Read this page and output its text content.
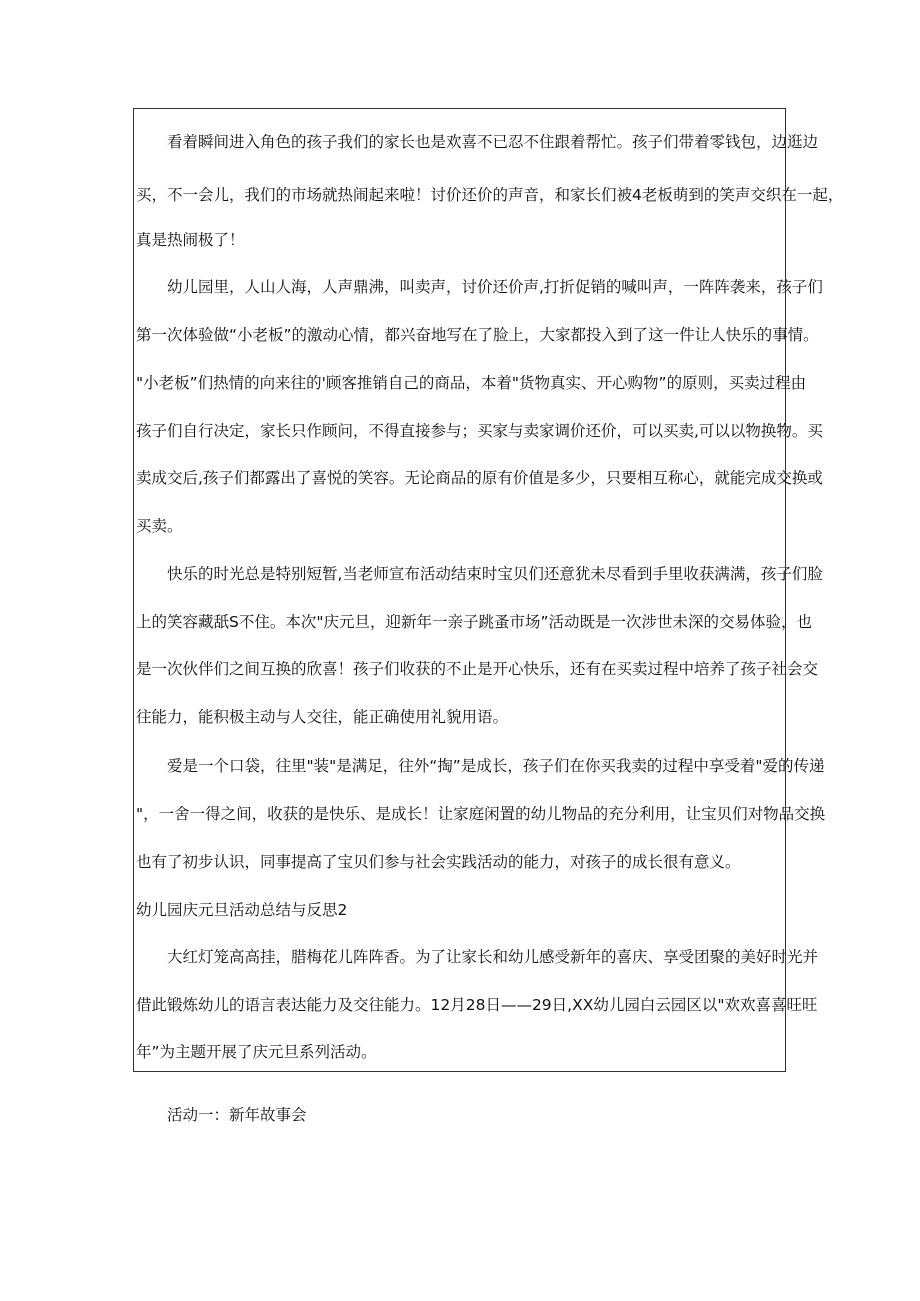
看着瞬间进入角色的孩子我们的家长也是欢喜不已忍不住跟着帮忙。孩子们带着零钱包，边逛边
买，不一会儿，我们的市场就热闹起来啦！讨价还价的声音，和家长们被4老板萌到的笑声交织在一起，
真是热闹极了！
幼儿园里，人山人海，人声鼎沸，叫卖声，讨价还价声,打折促销的喊叫声，一阵阵袭来，孩子们
第一次体验做“小老板”的激动心情，都兴奋地写在了脸上，大家都投入到了这一件让人快乐的事情。
"小老板”们热情的向来往的'顾客推销自己的商品，本着"货物真实、开心购物”的原则，买卖过程由
孩子们自行决定，家长只作顾问，不得直接参与；买家与卖家调价还价，可以买卖,可以以物换物。买
卖成交后,孩子们都露出了喜悦的笑容。无论商品的原有价值是多少，只要相互称心，就能完成交换或
买卖。
快乐的时光总是特别短暂,当老师宣布活动结束时宝贝们还意犹未尽看到手里收获满满，孩子们脸
上的笑容藏舐S不住。本次"庆元旦，迎新年一亲子跳蚤市场”活动既是一次涉世未深的交易体验，也
是一次伙伴们之间互换的欣喜！孩子们收获的不止是开心快乐，还有在买卖过程中培养了孩子社会交
往能力，能积极主动与人交往，能正确使用礼貌用语。
爱是一个口袋，往里"装"是满足，往外“掏”是成长，孩子们在你买我卖的过程中享受着"爱的传递
"，一舍一得之间，收获的是快乐、是成长！让家庭闲置的幼儿物品的充分利用，让宝贝们对物品交换
也有了初步认识，同事提高了宝贝们参与社会实践活动的能力，对孩子的成长很有意义。
幼儿园庆元旦活动总结与反思2
大红灯笼高高挂，腊梅花儿阵阵香。为了让家长和幼儿感受新年的喜庆、享受团聚的美好时光并
借此锻炼幼儿的语言表达能力及交往能力。12月28日——29日,XX幼儿园白云园区以"欢欢喜喜旺旺
年”为主题开展了庆元旦系列活动。
活动一：新年故事会
